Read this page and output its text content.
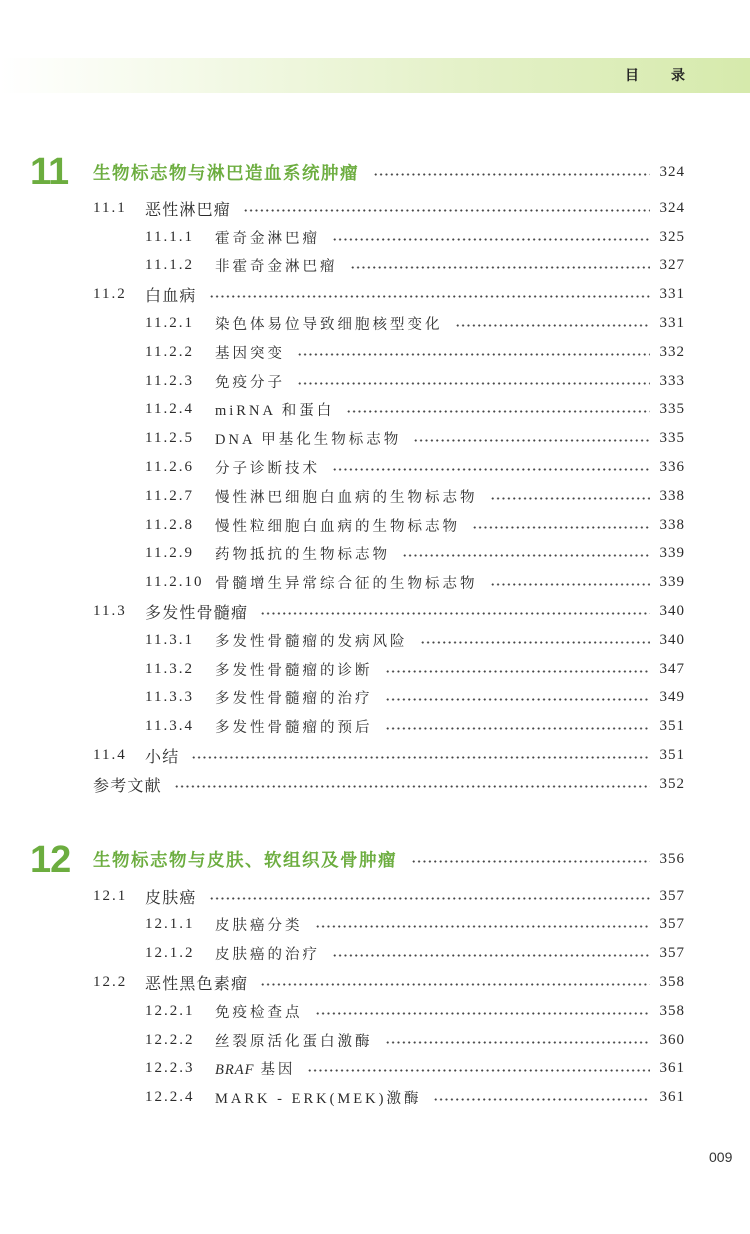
目　录
11	生物标志物与淋巴造血系统肿瘤	324
11.1	恶性淋巴瘤	324
11.1.1	霍奇金淋巴瘤	325
11.1.2	非霍奇金淋巴瘤	327
11.2	白血病	331
11.2.1	染色体易位导致细胞核型变化	331
11.2.2	基因突变	332
11.2.3	免疫分子	333
11.2.4	miRNA 和蛋白	335
11.2.5	DNA 甲基化生物标志物	335
11.2.6	分子诊断技术	336
11.2.7	慢性淋巴细胞白血病的生物标志物	338
11.2.8	慢性粒细胞白血病的生物标志物	338
11.2.9	药物抵抗的生物标志物	339
11.2.10 骨髓增生异常综合征的生物标志物	339
11.3	多发性骨髓瘤	340
11.3.1	多发性骨髓瘤的发病风险	340
11.3.2	多发性骨髓瘤的诊断	347
11.3.3	多发性骨髓瘤的治疗	349
11.3.4	多发性骨髓瘤的预后	351
11.4	小结	351
参考文献	352
12	生物标志物与皮肤、软组织及骨肿瘤	356
12.1	皮肤癌	357
12.1.1	皮肤癌分类	357
12.1.2	皮肤癌的治疗	357
12.2	恶性黑色素瘤	358
12.2.1	免疫检查点	358
12.2.2	丝裂原活化蛋白激酶	360
12.2.3	BRAF 基因	361
12.2.4	MARK - ERK(MEK)激酶	361
009
